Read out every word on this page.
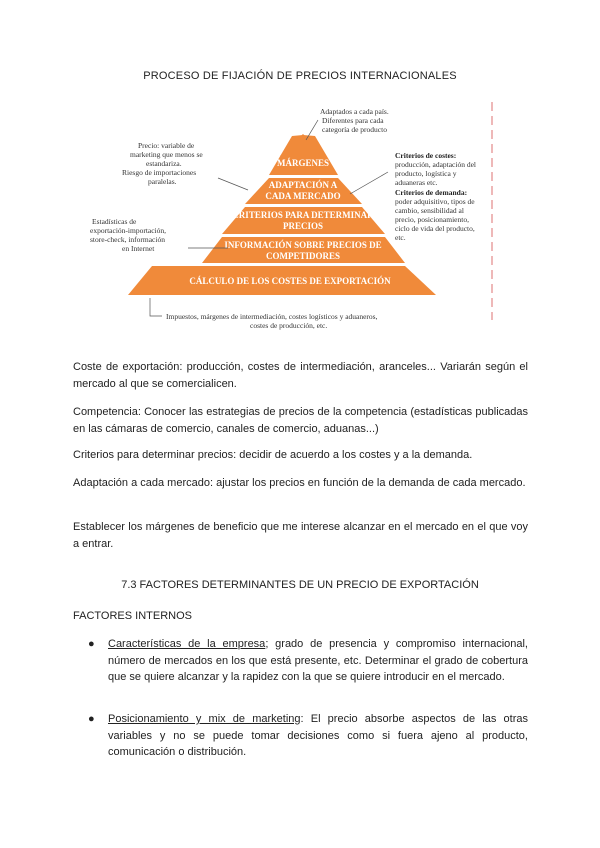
PROCESO DE FIJACIÓN DE PRECIOS INTERNACIONALES
MÁRGENES
ADAPTACIÓN A
CADA MERCADO
CRITERIOS PARA DETERMINAR
PRECIOS
INFORMACIÓN SOBRE PRECIOS DE
COMPETIDORES
CÁLCULO DE LOS COSTES DE EXPORTACIÓN
Adaptados a cada país.
Diferentes para cada
categoría de producto
Precio: variable de
marketing que menos se
estandariza.
Riesgo de importaciones
paralelas.
Estadísticas de
exportación-importación,
store-check, información
en Internet
Criterios de costes:
producción, adaptación del
producto, logística y
aduaneras etc.
Criterios de demanda:
poder adquisitivo, tipos de
cambio, sensibilidad al
precio, posicionamiento,
ciclo de vida del producto,
etc.
Impuestos, márgenes de intermediación, costes logísticos y aduaneros,
costes de producción, etc.
Coste de exportación: producción, costes de intermediación, aranceles... Variarán según el mercado al que se comercialicen.
Competencia: Conocer las estrategias de precios de la competencia (estadísticas publicadas en las cámaras de comercio, canales de comercio, aduanas...)
Criterios para determinar precios: decidir de acuerdo a los costes y a la demanda.
Adaptación a cada mercado: ajustar los precios en función de la demanda de cada mercado.
Establecer los márgenes de beneficio que me interese alcanzar en el mercado en el que voy a entrar.
7.3 FACTORES DETERMINANTES DE UN PRECIO DE EXPORTACIÓN
FACTORES INTERNOS
● Características de la empresa; grado de presencia y compromiso internacional, número de mercados en los que está presente, etc. Determinar el grado de cobertura que se quiere alcanzar y la rapidez con la que se quiere introducir en el mercado.
● Posicionamiento y mix de marketing: El precio absorbe aspectos de las otras variables y no se puede tomar decisiones como si fuera ajeno al producto, comunicación o distribución.
